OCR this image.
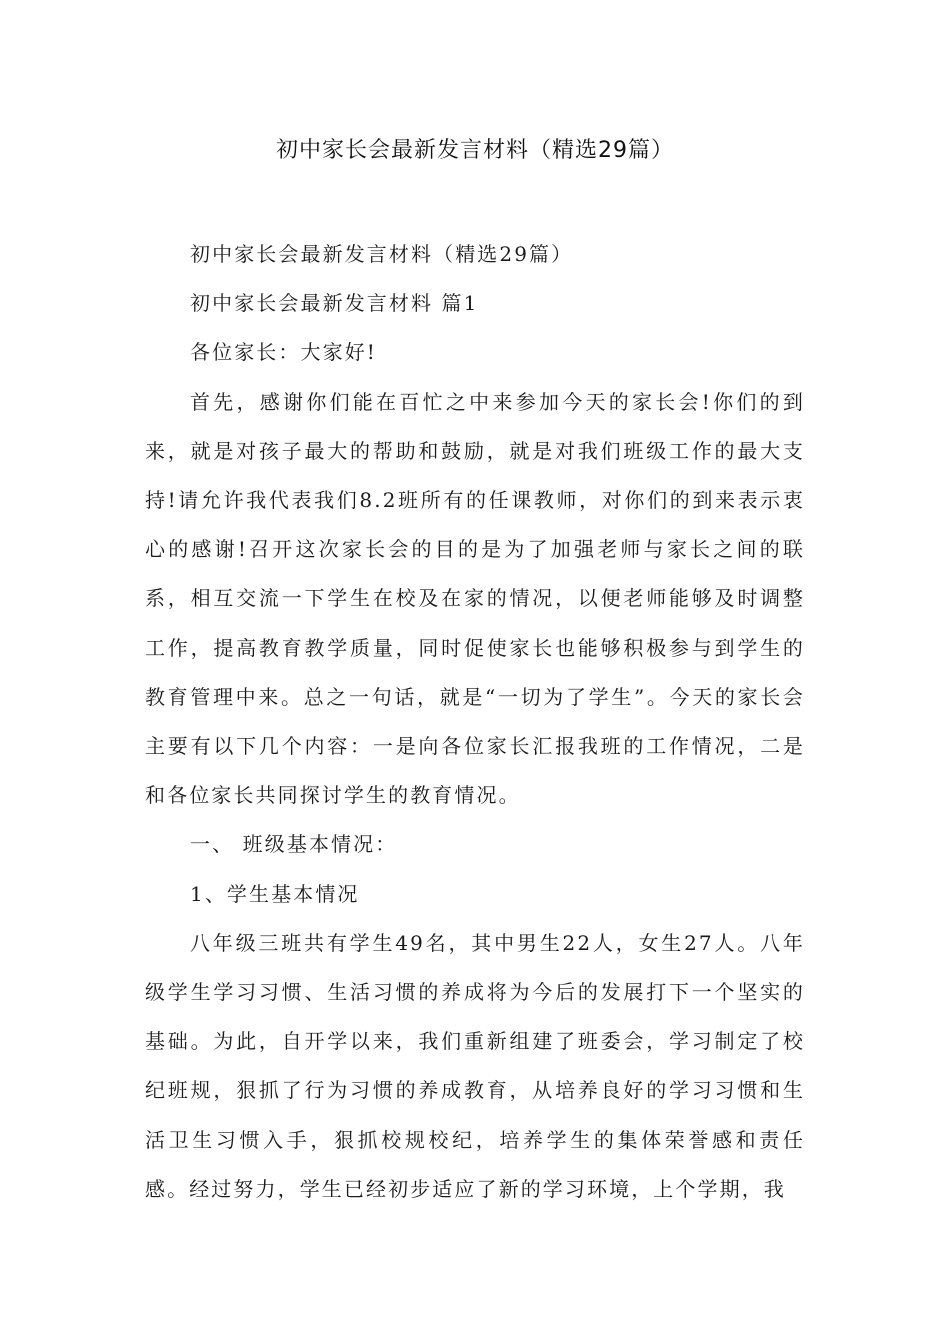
初中家长会最新发言材料（精选29篇）

初中家长会最新发言材料（精选29篇）

初中家长会最新发言材料 篇1

各位家长：大家好!

首先，感谢你们能在百忙之中来参加今天的家长会!你们的到来，就是对孩子最大的帮助和鼓励，就是对我们班级工作的最大支持!请允许我代表我们8.2班所有的任课教师，对你们的到来表示衷心的感谢!召开这次家长会的目的是为了加强老师与家长之间的联系，相互交流一下学生在校及在家的情况，以便老师能够及时调整工作，提高教育教学质量，同时促使家长也能够积极参与到学生的教育管理中来。总之一句话，就是“一切为了学生”。今天的家长会主要有以下几个内容：一是向各位家长汇报我班的工作情况，二是和各位家长共同探讨学生的教育情况。

一、 班级基本情况：

1、学生基本情况

八年级三班共有学生49名，其中男生22人，女生27人。八年级学生学习习惯、生活习惯的养成将为今后的发展打下一个坚实的基础。为此，自开学以来，我们重新组建了班委会，学习制定了校纪班规，狠抓了行为习惯的养成教育，从培养良好的学习习惯和生活卫生习惯入手，狠抓校规校纪，培养学生的集体荣誉感和责任感。经过努力，学生已经初步适应了新的学习环境，上个学期，我
